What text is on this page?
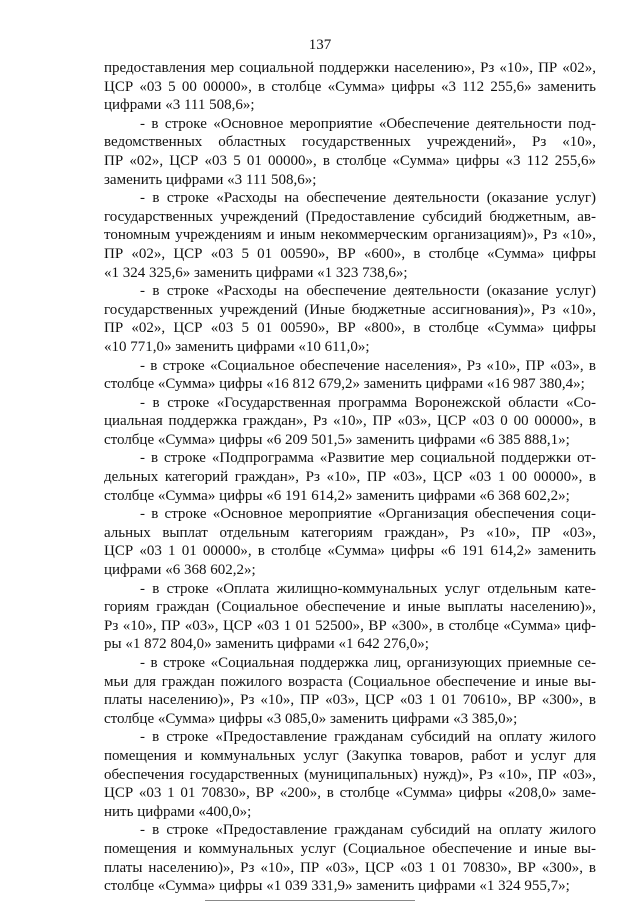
137
предоставления мер социальной поддержки населению», Рз «10», ПР «02»,
ЦСР «03 5 00 00000», в столбце «Сумма» цифры «3 112 255,6» заменить
цифрами «3 111 508,6»;
- в строке «Основное мероприятие «Обеспечение деятельности под-
ведомственных областных государственных учреждений», Рз «10»,
ПР «02», ЦСР «03 5 01 00000», в столбце «Сумма» цифры «3 112 255,6»
заменить цифрами «3 111 508,6»;
- в строке «Расходы на обеспечение деятельности (оказание услуг)
государственных учреждений (Предоставление субсидий бюджетным, ав-
тономным учреждениям и иным некоммерческим организациям)», Рз «10»,
ПР «02», ЦСР «03 5 01 00590», ВР «600», в столбце «Сумма» цифры
«1 324 325,6» заменить цифрами «1 323 738,6»;
- в строке «Расходы на обеспечение деятельности (оказание услуг)
государственных учреждений (Иные бюджетные ассигнования)», Рз «10»,
ПР «02», ЦСР «03 5 01 00590», ВР «800», в столбце «Сумма» цифры
«10 771,0» заменить цифрами «10 611,0»;
- в строке «Социальное обеспечение населения», Рз «10», ПР «03», в
столбце «Сумма» цифры «16 812 679,2» заменить цифрами «16 987 380,4»;
- в строке «Государственная программа Воронежской области «Со-
циальная поддержка граждан», Рз «10», ПР «03», ЦСР «03 0 00 00000», в
столбце «Сумма» цифры «6 209 501,5» заменить цифрами «6 385 888,1»;
- в строке «Подпрограмма «Развитие мер социальной поддержки от-
дельных категорий граждан», Рз «10», ПР «03», ЦСР «03 1 00 00000», в
столбце «Сумма» цифры «6 191 614,2» заменить цифрами «6 368 602,2»;
- в строке «Основное мероприятие «Организация обеспечения соци-
альных выплат отдельным категориям граждан», Рз «10», ПР «03»,
ЦСР «03 1 01 00000», в столбце «Сумма» цифры «6 191 614,2» заменить
цифрами «6 368 602,2»;
- в строке «Оплата жилищно-коммунальных услуг отдельным кате-
гориям граждан (Социальное обеспечение и иные выплаты населению)»,
Рз «10», ПР «03», ЦСР «03 1 01 52500», ВР «300», в столбце «Сумма» циф-
ры «1 872 804,0» заменить цифрами «1 642 276,0»;
- в строке «Социальная поддержка лиц, организующих приемные се-
мьи для граждан пожилого возраста (Социальное обеспечение и иные вы-
платы населению)», Рз «10», ПР «03», ЦСР «03 1 01 70610», ВР «300», в
столбце «Сумма» цифры «3 085,0» заменить цифрами «3 385,0»;
- в строке «Предоставление гражданам субсидий на оплату жилого
помещения и коммунальных услуг (Закупка товаров, работ и услуг для
обеспечения государственных (муниципальных) нужд)», Рз «10», ПР «03»,
ЦСР «03 1 01 70830», ВР «200», в столбце «Сумма» цифры «208,0» заме-
нить цифрами «400,0»;
- в строке «Предоставление гражданам субсидий на оплату жилого
помещения и коммунальных услуг (Социальное обеспечение и иные вы-
платы населению)», Рз «10», ПР «03», ЦСР «03 1 01 70830», ВР «300», в
столбце «Сумма» цифры «1 039 331,9» заменить цифрами «1 324 955,7»;
